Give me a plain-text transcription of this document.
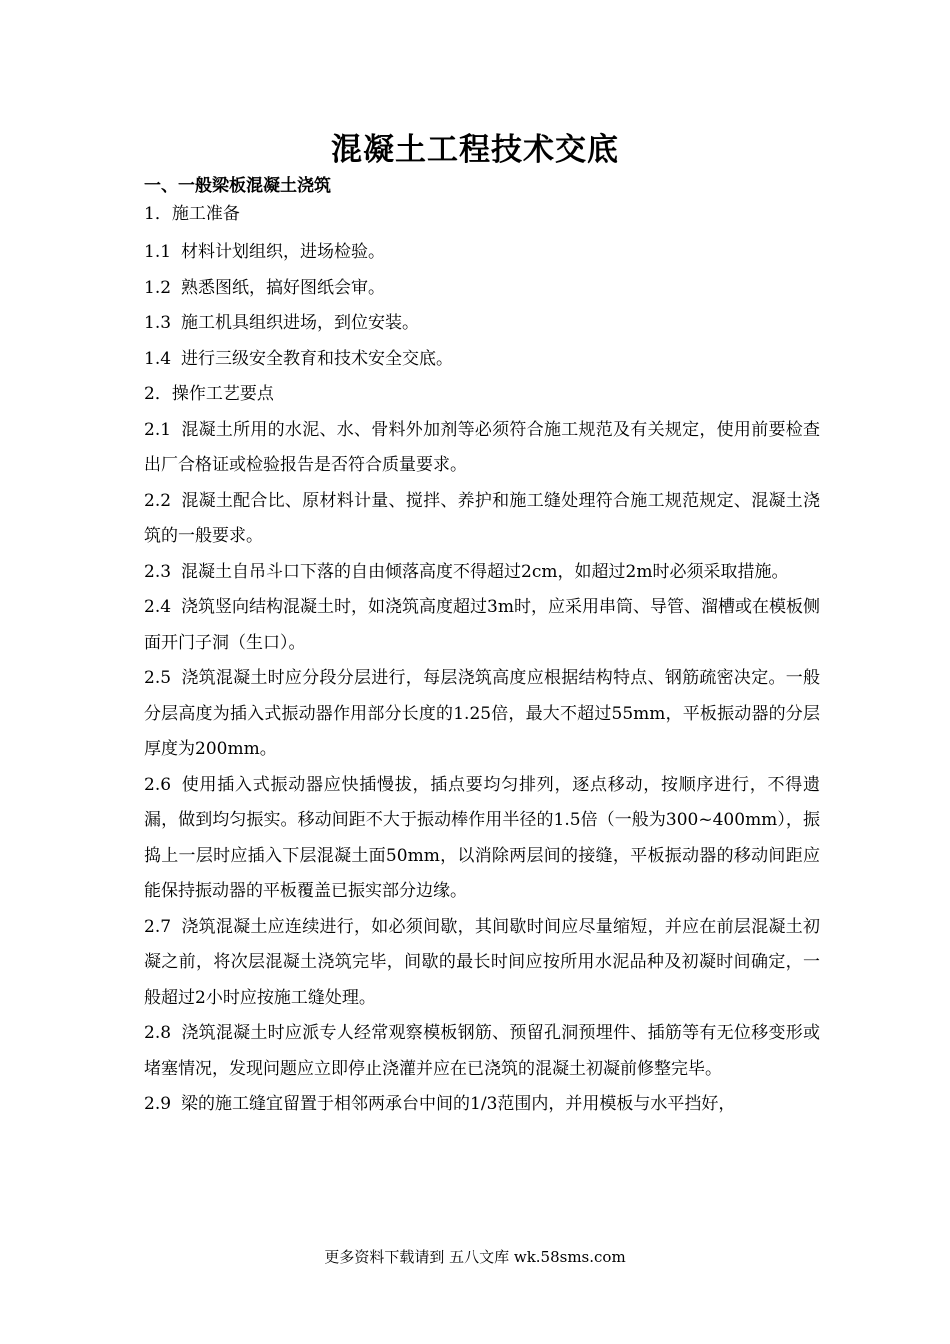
混凝土工程技术交底

一、一般梁板混凝土浇筑

1．施工准备

1.1 材料计划组织，进场检验。

1.2 熟悉图纸，搞好图纸会审。

1.3 施工机具组织进场，到位安装。

1.4 进行三级安全教育和技术安全交底。

2．操作工艺要点

2.1 混凝土所用的水泥、水、骨料外加剂等必须符合施工规范及有关规定，使用前要检查出厂合格证或检验报告是否符合质量要求。

2.2 混凝土配合比、原材料计量、搅拌、养护和施工缝处理符合施工规范规定、混凝土浇筑的一般要求。

2.3 混凝土自吊斗口下落的自由倾落高度不得超过2cm，如超过2m时必须采取措施。

2.4 浇筑竖向结构混凝土时，如浇筑高度超过3m时，应采用串筒、导管、溜槽或在模板侧面开门子洞（生口）。

2.5 浇筑混凝土时应分段分层进行，每层浇筑高度应根据结构特点、钢筋疏密决定。一般分层高度为插入式振动器作用部分长度的1.25倍，最大不超过55mm，平板振动器的分层厚度为200mm。

2.6 使用插入式振动器应快插慢拔，插点要均匀排列，逐点移动，按顺序进行，不得遗漏，做到均匀振实。移动间距不大于振动棒作用半径的1.5倍（一般为300~400mm），振捣上一层时应插入下层混凝土面50mm，以消除两层间的接缝，平板振动器的移动间距应能保持振动器的平板覆盖已振实部分边缘。

2.7 浇筑混凝土应连续进行，如必须间歇，其间歇时间应尽量缩短，并应在前层混凝土初凝之前，将次层混凝土浇筑完毕，间歇的最长时间应按所用水泥品种及初凝时间确定，一般超过2小时应按施工缝处理。

2.8 浇筑混凝土时应派专人经常观察模板钢筋、预留孔洞预埋件、插筋等有无位移变形或堵塞情况，发现问题应立即停止浇灌并应在已浇筑的混凝土初凝前修整完毕。

2.9 梁的施工缝宜留置于相邻两承台中间的1/3范围内，并用模板与水平挡好，

更多资料下载请到 五八文库 wk.58sms.com
